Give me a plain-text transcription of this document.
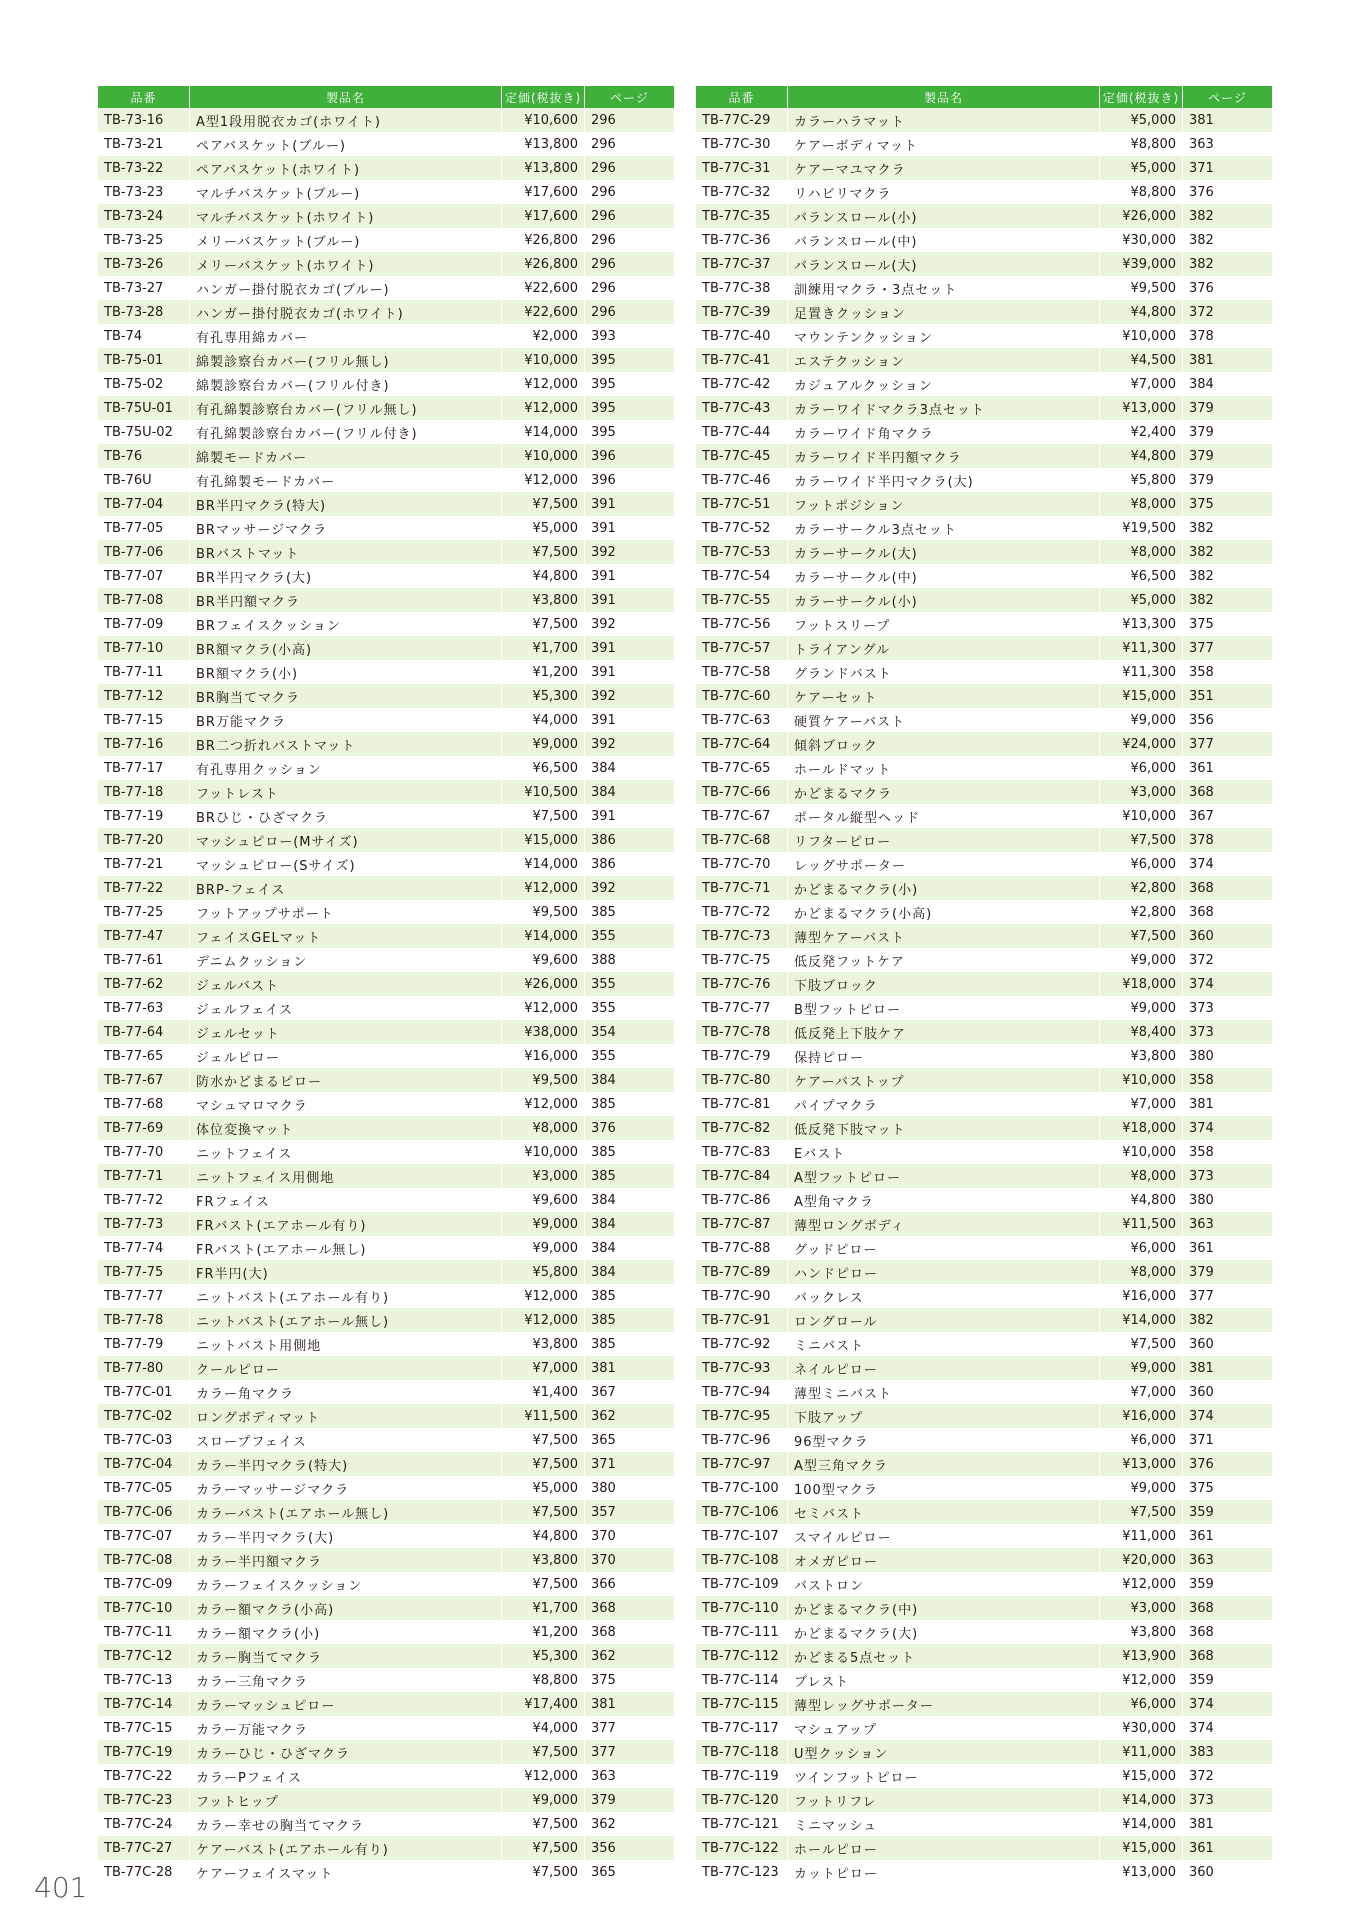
品番	製品名	定価(税抜き)	ページ
TB-73-16	A型1段用脱衣カゴ(ホワイト)	¥10,600	296
TB-73-21	ペアバスケット(ブルー)	¥13,800	296
TB-73-22	ペアバスケット(ホワイト)	¥13,800	296
TB-73-23	マルチバスケット(ブルー)	¥17,600	296
TB-73-24	マルチバスケット(ホワイト)	¥17,600	296
TB-73-25	メリーバスケット(ブルー)	¥26,800	296
TB-73-26	メリーバスケット(ホワイト)	¥26,800	296
TB-73-27	ハンガー掛付脱衣カゴ(ブルー)	¥22,600	296
TB-73-28	ハンガー掛付脱衣カゴ(ホワイト)	¥22,600	296
TB-74	有孔専用綿カバー	¥2,000	393
TB-75-01	綿製診察台カバー(フリル無し)	¥10,000	395
TB-75-02	綿製診察台カバー(フリル付き)	¥12,000	395
TB-75U-01	有孔綿製診察台カバー(フリル無し)	¥12,000	395
TB-75U-02	有孔綿製診察台カバー(フリル付き)	¥14,000	395
TB-76	綿製モードカバー	¥10,000	396
TB-76U	有孔綿製モードカバー	¥12,000	396
TB-77-04	BR半円マクラ(特大)	¥7,500	391
TB-77-05	BRマッサージマクラ	¥5,000	391
TB-77-06	BRバストマット	¥7,500	392
TB-77-07	BR半円マクラ(大)	¥4,800	391
TB-77-08	BR半円額マクラ	¥3,800	391
TB-77-09	BRフェイスクッション	¥7,500	392
TB-77-10	BR額マクラ(小高)	¥1,700	391
TB-77-11	BR額マクラ(小)	¥1,200	391
TB-77-12	BR胸当てマクラ	¥5,300	392
TB-77-15	BR万能マクラ	¥4,000	391
TB-77-16	BR二つ折れバストマット	¥9,000	392
TB-77-17	有孔専用クッション	¥6,500	384
TB-77-18	フットレスト	¥10,500	384
TB-77-19	BRひじ・ひざマクラ	¥7,500	391
TB-77-20	マッシュピロー(Mサイズ)	¥15,000	386
TB-77-21	マッシュピロー(Sサイズ)	¥14,000	386
TB-77-22	BRP-フェイス	¥12,000	392
TB-77-25	フットアップサポート	¥9,500	385
TB-77-47	フェイスGELマット	¥14,000	355
TB-77-61	デニムクッション	¥9,600	388
TB-77-62	ジェルバスト	¥26,000	355
TB-77-63	ジェルフェイス	¥12,000	355
TB-77-64	ジェルセット	¥38,000	354
TB-77-65	ジェルピロー	¥16,000	355
TB-77-67	防水かどまるピロー	¥9,500	384
TB-77-68	マシュマロマクラ	¥12,000	385
TB-77-69	体位変換マット	¥8,000	376
TB-77-70	ニットフェイス	¥10,000	385
TB-77-71	ニットフェイス用側地	¥3,000	385
TB-77-72	FRフェイス	¥9,600	384
TB-77-73	FRバスト(エアホール有り)	¥9,000	384
TB-77-74	FRバスト(エアホール無し)	¥9,000	384
TB-77-75	FR半円(大)	¥5,800	384
TB-77-77	ニットバスト(エアホール有り)	¥12,000	385
TB-77-78	ニットバスト(エアホール無し)	¥12,000	385
TB-77-79	ニットバスト用側地	¥3,800	385
TB-77-80	クールピロー	¥7,000	381
TB-77C-01	カラー角マクラ	¥1,400	367
TB-77C-02	ロングボディマット	¥11,500	362
TB-77C-03	スロープフェイス	¥7,500	365
TB-77C-04	カラー半円マクラ(特大)	¥7,500	371
TB-77C-05	カラーマッサージマクラ	¥5,000	380
TB-77C-06	カラーバスト(エアホール無し)	¥7,500	357
TB-77C-07	カラー半円マクラ(大)	¥4,800	370
TB-77C-08	カラー半円額マクラ	¥3,800	370
TB-77C-09	カラーフェイスクッション	¥7,500	366
TB-77C-10	カラー額マクラ(小高)	¥1,700	368
TB-77C-11	カラー額マクラ(小)	¥1,200	368
TB-77C-12	カラー胸当てマクラ	¥5,300	362
TB-77C-13	カラー三角マクラ	¥8,800	375
TB-77C-14	カラーマッシュピロー	¥17,400	381
TB-77C-15	カラー万能マクラ	¥4,000	377
TB-77C-19	カラーひじ・ひざマクラ	¥7,500	377
TB-77C-22	カラーPフェイス	¥12,000	363
TB-77C-23	フットヒップ	¥9,000	379
TB-77C-24	カラー幸せの胸当てマクラ	¥7,500	362
TB-77C-27	ケアーバスト(エアホール有り)	¥7,500	356
TB-77C-28	ケアーフェイスマット	¥7,500	365
品番	製品名	定価(税抜き)	ページ
TB-77C-29	カラーハラマット	¥5,000	381
TB-77C-30	ケアーボディマット	¥8,800	363
TB-77C-31	ケアーマユマクラ	¥5,000	371
TB-77C-32	リハビリマクラ	¥8,800	376
TB-77C-35	バランスロール(小)	¥26,000	382
TB-77C-36	バランスロール(中)	¥30,000	382
TB-77C-37	バランスロール(大)	¥39,000	382
TB-77C-38	訓練用マクラ・3点セット	¥9,500	376
TB-77C-39	足置きクッション	¥4,800	372
TB-77C-40	マウンテンクッション	¥10,000	378
TB-77C-41	エステクッション	¥4,500	381
TB-77C-42	カジュアルクッション	¥7,000	384
TB-77C-43	カラーワイドマクラ3点セット	¥13,000	379
TB-77C-44	カラーワイド角マクラ	¥2,400	379
TB-77C-45	カラーワイド半円額マクラ	¥4,800	379
TB-77C-46	カラーワイド半円マクラ(大)	¥5,800	379
TB-77C-51	フットポジション	¥8,000	375
TB-77C-52	カラーサークル3点セット	¥19,500	382
TB-77C-53	カラーサークル(大)	¥8,000	382
TB-77C-54	カラーサークル(中)	¥6,500	382
TB-77C-55	カラーサークル(小)	¥5,000	382
TB-77C-56	フットスリープ	¥13,300	375
TB-77C-57	トライアングル	¥11,300	377
TB-77C-58	グランドバスト	¥11,300	358
TB-77C-60	ケアーセット	¥15,000	351
TB-77C-63	硬質ケアーバスト	¥9,000	356
TB-77C-64	傾斜ブロック	¥24,000	377
TB-77C-65	ホールドマット	¥6,000	361
TB-77C-66	かどまるマクラ	¥3,000	368
TB-77C-67	ポータル縦型ヘッド	¥10,000	367
TB-77C-68	リフターピロー	¥7,500	378
TB-77C-70	レッグサポーター	¥6,000	374
TB-77C-71	かどまるマクラ(小)	¥2,800	368
TB-77C-72	かどまるマクラ(小高)	¥2,800	368
TB-77C-73	薄型ケアーバスト	¥7,500	360
TB-77C-75	低反発フットケア	¥9,000	372
TB-77C-76	下肢ブロック	¥18,000	374
TB-77C-77	B型フットピロー	¥9,000	373
TB-77C-78	低反発上下肢ケア	¥8,400	373
TB-77C-79	保持ピロー	¥3,800	380
TB-77C-80	ケアーバストップ	¥10,000	358
TB-77C-81	パイプマクラ	¥7,000	381
TB-77C-82	低反発下肢マット	¥18,000	374
TB-77C-83	Eバスト	¥10,000	358
TB-77C-84	A型フットピロー	¥8,000	373
TB-77C-86	A型角マクラ	¥4,800	380
TB-77C-87	薄型ロングボディ	¥11,500	363
TB-77C-88	グッドピロー	¥6,000	361
TB-77C-89	ハンドピロー	¥8,000	379
TB-77C-90	バックレス	¥16,000	377
TB-77C-91	ロングロール	¥14,000	382
TB-77C-92	ミニバスト	¥7,500	360
TB-77C-93	ネイルピロー	¥9,000	381
TB-77C-94	薄型ミニバスト	¥7,000	360
TB-77C-95	下肢アップ	¥16,000	374
TB-77C-96	96型マクラ	¥6,000	371
TB-77C-97	A型三角マクラ	¥13,000	376
TB-77C-100	100型マクラ	¥9,000	375
TB-77C-106	セミバスト	¥7,500	359
TB-77C-107	スマイルピロー	¥11,000	361
TB-77C-108	オメガピロー	¥20,000	363
TB-77C-109	バストロン	¥12,000	359
TB-77C-110	かどまるマクラ(中)	¥3,000	368
TB-77C-111	かどまるマクラ(大)	¥3,800	368
TB-77C-112	かどまる5点セット	¥13,900	368
TB-77C-114	ブレスト	¥12,000	359
TB-77C-115	薄型レッグサポーター	¥6,000	374
TB-77C-117	マシュアップ	¥30,000	374
TB-77C-118	U型クッション	¥11,000	383
TB-77C-119	ツインフットピロー	¥15,000	372
TB-77C-120	フットリフレ	¥14,000	373
TB-77C-121	ミニマッシュ	¥14,000	381
TB-77C-122	ホールピロー	¥15,000	361
TB-77C-123	カットピロー	¥13,000	360
401
